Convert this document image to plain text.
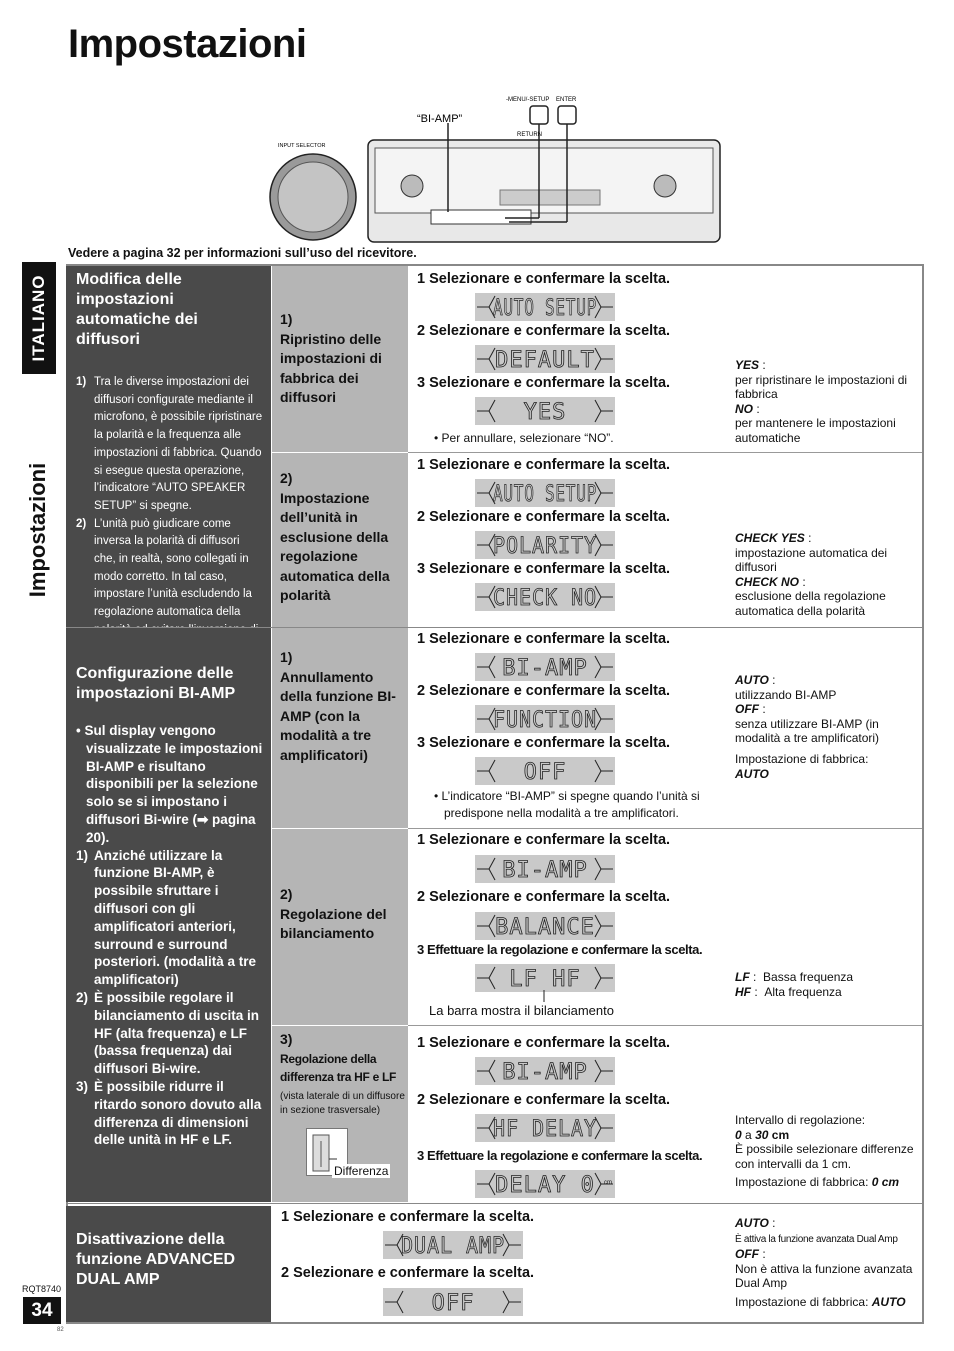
Impostazioni
ITALIANO
Impostazioni
“BI-AMP”
-MENU/-SETUP ENTER
RETURN
INPUT SELECTOR
Vedere a pagina 32 per informazioni sull’uso del ricevitore.
Modifica delle impostazioni automatiche dei diffusori
1) Tra le diverse impostazioni dei diffusori configurate mediante il microfono, è possibile ripristinare la polarità e la frequenza alle impostazioni di fabbrica. Quando si esegue questa operazione, l’indicatore “AUTO SPEAKER SETUP” si spegne.
2) L’unità può giudicare come inversa la polarità di diffusori che, in realtà, sono collegati in modo corretto. In tal caso, impostare l’unità escludendo la regolazione automatica della
Configurazione delle impostazioni BI-AMP
• Sul display vengono visualizzate le impostazioni BI-AMP e risultano disponibili per la selezione solo se si impostano i diffusori Bi-wire (➡ pagina 20).
1) Anziché utilizzare la funzione BI-AMP, è possibile sfruttare i diffusori con gli amplificatori anteriori, surround e surround posteriori. (modalità a tre amplificatori)
2) È possibile regolare il bilanciamento di uscita in HF (alta frequenza) e LF (bassa frequenza) dai diffusori Bi-wire.
3) È possibile ridurre il ritardo sonoro dovuto alla differenza di dimensioni delle unità in HF e LF.
Disattivazione della funzione ADVANCED DUAL AMP
1)
Ripristino delle impostazioni di fabbrica dei diffusori
2)
Impostazione dell’unità in esclusione della regolazione automatica della polarità
1)
Annullamento della funzione BI-AMP (con la modalità a tre amplificatori)
2)
Regolazione del bilanciamento
3)
Regolazione della differenza tra HF e LF
(vista laterale di un diffusore in sezione trasversale)
Differenza
1 Selezionare e confermare la scelta.
AUTO SETUP
2 Selezionare e confermare la scelta.
DEFAULT
3 Selezionare e confermare la scelta.
YES
• Per annullare, selezionare “NO”.
YES :
per ripristinare le impostazioni di fabbrica
NO :
per mantenere le impostazioni automatiche
1 Selezionare e confermare la scelta.
AUTO SETUP
2 Selezionare e confermare la scelta.
POLARITY
3 Selezionare e confermare la scelta.
CHECK NO
CHECK YES :
impostazione automatica dei diffusori
CHECK NO :
esclusione della regolazione automatica della polarità
1 Selezionare e confermare la scelta.
BI-AMP
2 Selezionare e confermare la scelta.
FUNCTION
3 Selezionare e confermare la scelta.
OFF
• L’indicatore “BI-AMP” si spegne quando l’unità si predispone nella modalità a tre amplificatori.
AUTO :
utilizzando BI-AMP
OFF :
senza utilizzare BI-AMP (in modalità a tre amplificatori)

Impostazione di fabbrica:
AUTO
1 Selezionare e confermare la scelta.
BI-AMP
2 Selezionare e confermare la scelta.
BALANCE
3 Effettuare la regolazione e confermare la scelta.
LF HF
La barra mostra il bilanciamento
LF :  Bassa frequenza
HF :  Alta frequenza
1 Selezionare e confermare la scelta.
BI-AMP
2 Selezionare e confermare la scelta.
HF DELAY
3 Effettuare la regolazione e confermare la scelta.
DELAY 0 cm
Intervallo di regolazione:
0 a 30 cm
È possibile selezionare differenze con intervalli da 1 cm.
Impostazione di fabbrica: 0 cm
1 Selezionare e confermare la scelta.
DUAL AMP
2 Selezionare e confermare la scelta.
OFF
AUTO :
È attiva la funzione avanzata Dual Amp
OFF :
Non è attiva la funzione avanzata Dual Amp

Impostazione di fabbrica: AUTO
RQT8740
34
82
